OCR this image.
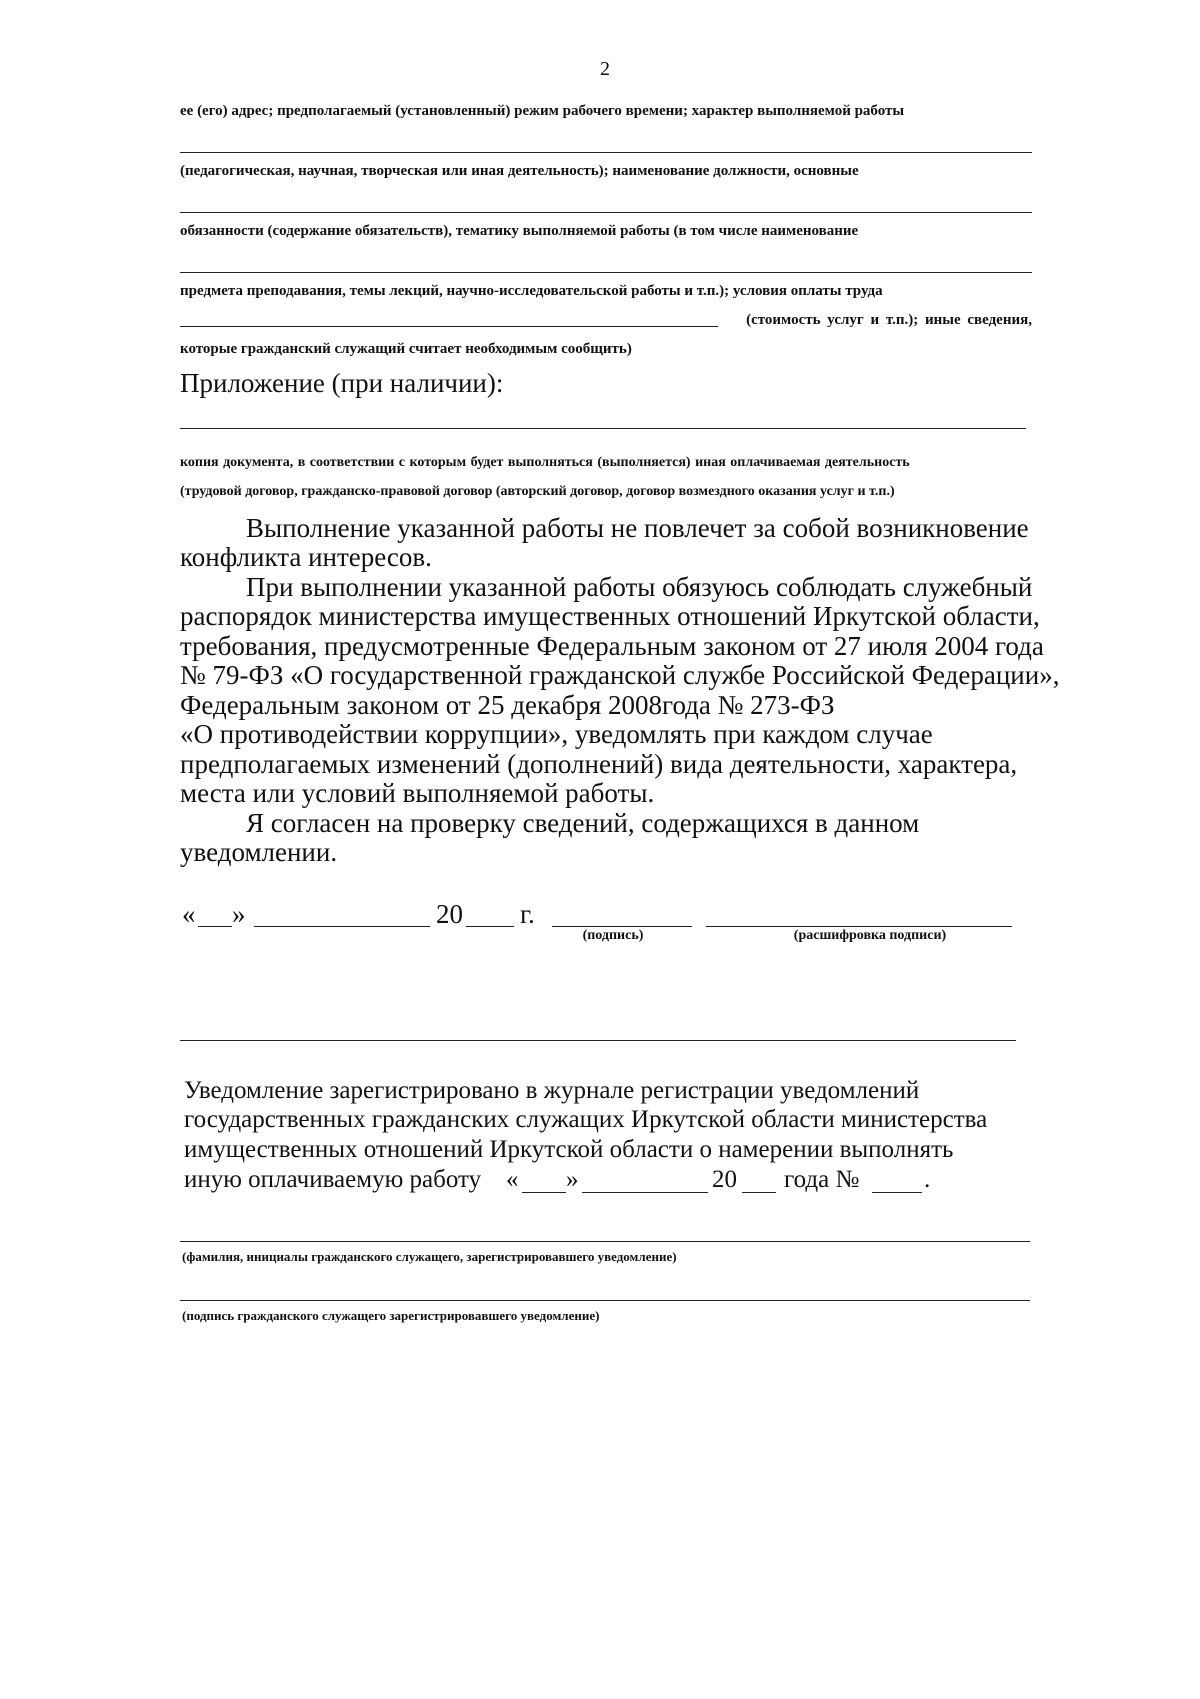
2
ее (его) адрес; предполагаемый (установленный) режим рабочего времени; характер выполняемой работы
(педагогическая, научная, творческая или иная деятельность); наименование должности, основные
обязанности (содержание обязательств), тематику выполняемой работы (в том числе наименование
предмета преподавания, темы лекций, научно-исследовательской работы и т.п.); условия оплаты труда
(стоимость услуг и т.п.); иные сведения,
которые гражданский служащий считает необходимым сообщить)
Приложение (при наличии):
копия документа, в соответствии с которым будет выполняться (выполняется) иная оплачиваемая деятельность
(трудовой договор, гражданско-правовой договор (авторский договор, договор возмездного оказания услуг и т.п.)
Выполнение указанной работы не повлечет за собой возникновение
конфликта интересов.
При выполнении указанной работы обязуюсь соблюдать служебный
распорядок министерства имущественных отношений Иркутской области,
требования, предусмотренные Федеральным законом от 27 июля 2004 года
№ 79-ФЗ «О государственной гражданской службе Российской Федерации»,
Федеральным законом от 25 декабря 2008года № 273-ФЗ
«О противодействии коррупции», уведомлять при каждом случае
предполагаемых изменений (дополнений) вида деятельности, характера,
места или условий выполняемой работы.
Я согласен на проверку сведений, содержащихся в данном
уведомлении.
« »	20 г.
(подпись)	(расшифровка подписи)
Уведомление зарегистрировано в журнале регистрации уведомлений
государственных гражданских служащих Иркутской области министерства
имущественных отношений Иркутской области о намерении выполнять
иную оплачиваемую работу « »	20 года №	.
(фамилия, инициалы гражданского служащего, зарегистрировавшего уведомление)
(подпись гражданского служащего зарегистрировавшего уведомление)
